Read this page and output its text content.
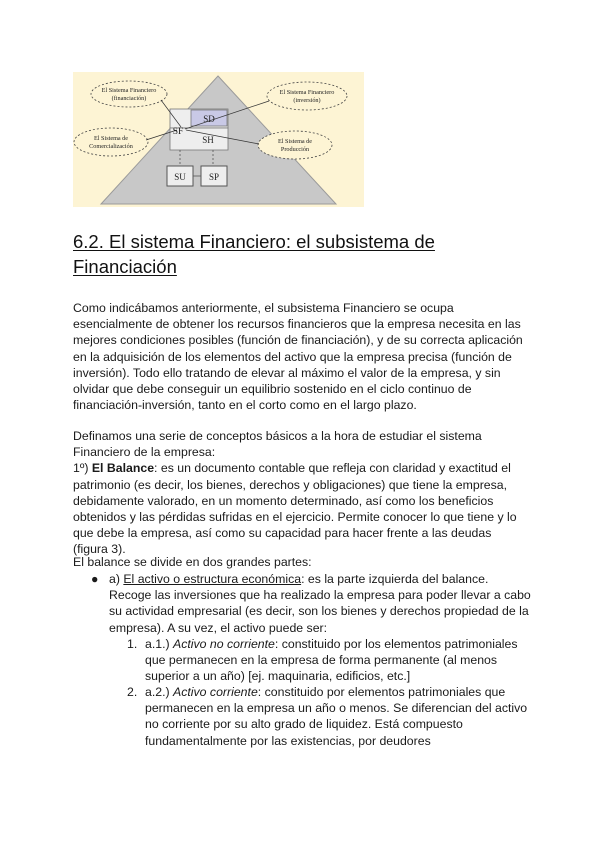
El Sistema Financiero
(financiación)
El Sistema Financiero
(inversión)
El Sistema de
Comercialización
El Sistema de
Producción
SD
SF
SH
SU	SP
6.2. El sistema Financiero: el subsistema de Financiación

Como indicábamos anteriormente, el subsistema Financiero se ocupa esencialmente de obtener los recursos financieros que la empresa necesita en las mejores condiciones posibles (función de financiación), y de su correcta aplicación en la adquisición de los elementos del activo que la empresa precisa (función de inversión). Todo ello tratando de elevar al máximo el valor de la empresa, y sin olvidar que debe conseguir un equilibrio sostenido en el ciclo continuo de financiación-inversión, tanto en el corto como en el largo plazo.

Definamos una serie de conceptos básicos a la hora de estudiar el sistema Financiero de la empresa:
1º) El Balance: es un documento contable que refleja con claridad y exactitud el patrimonio (es decir, los bienes, derechos y obligaciones) que tiene la empresa, debidamente valorado, en un momento determinado, así como los beneficios obtenidos y las pérdidas sufridas en el ejercicio. Permite conocer lo que tiene y lo que debe la empresa, así como su capacidad para hacer frente a las deudas (figura 3).

El balance se divide en dos grandes partes:

● a) El activo o estructura económica: es la parte izquierda del balance. Recoge las inversiones que ha realizado la empresa para poder llevar a cabo su actividad empresarial (es decir, son los bienes y derechos propiedad de la empresa). A su vez, el activo puede ser:
1. a.1.) Activo no corriente: constituido por los elementos patrimoniales que permanecen en la empresa de forma permanente (al menos superior a un año) [ej. maquinaria, edificios, etc.]
2. a.2.) Activo corriente: constituido por elementos patrimoniales que permanecen en la empresa un año o menos. Se diferencian del activo no corriente por su alto grado de liquidez. Está compuesto fundamentalmente por las existencias, por deudores
